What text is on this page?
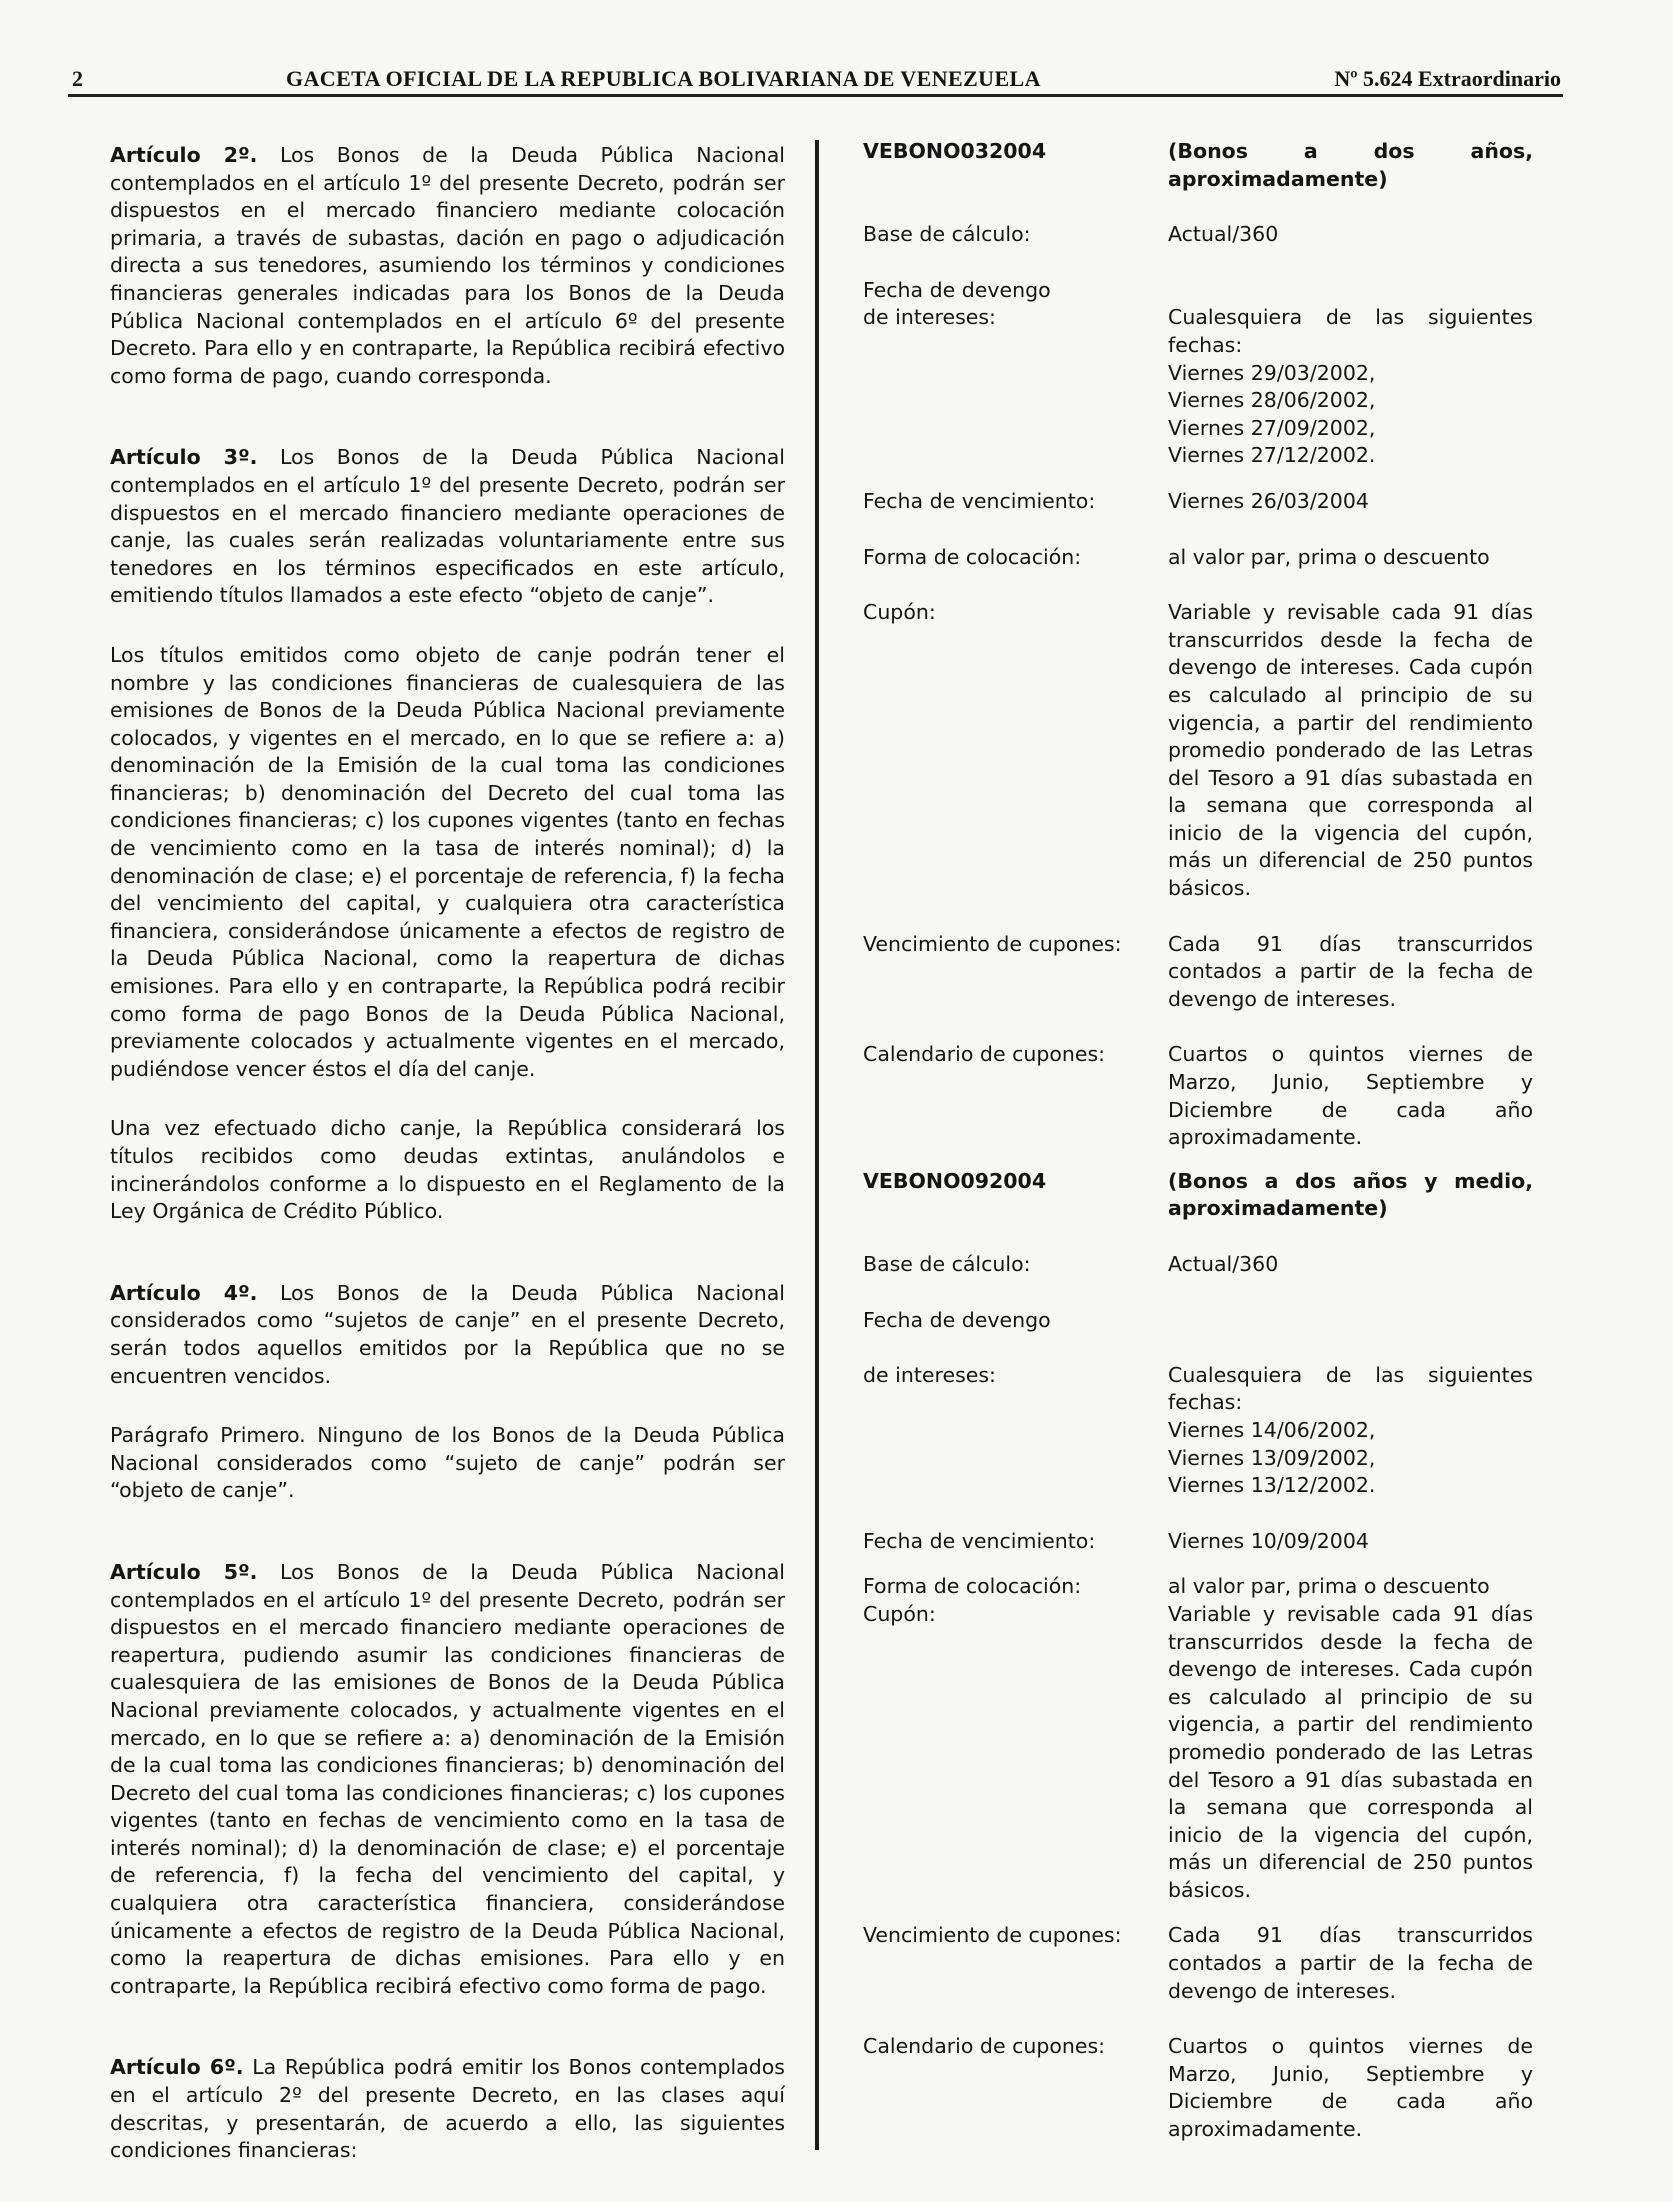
2	GACETA OFICIAL DE LA REPUBLICA BOLIVARIANA DE VENEZUELA	Nº 5.624 Extraordinario

Artículo 2º. Los Bonos de la Deuda Pública Nacional contemplados en el artículo 1º del presente Decreto, podrán ser dispuestos en el mercado financiero mediante colocación primaria, a través de subastas, dación en pago o adjudicación directa a sus tenedores, asumiendo los términos y condiciones financieras generales indicadas para los Bonos de la Deuda Pública Nacional contemplados en el artículo 6º del presente Decreto. Para ello y en contraparte, la República recibirá efectivo como forma de pago, cuando corresponda.

Artículo 3º. Los Bonos de la Deuda Pública Nacional contemplados en el artículo 1º del presente Decreto, podrán ser dispuestos en el mercado financiero mediante operaciones de canje, las cuales serán realizadas voluntariamente entre sus tenedores en los términos especificados en este artículo, emitiendo títulos llamados a este efecto “objeto de canje”.

Los títulos emitidos como objeto de canje podrán tener el nombre y las condiciones financieras de cualesquiera de las emisiones de Bonos de la Deuda Pública Nacional previamente colocados, y vigentes en el mercado, en lo que se refiere a: a) denominación de la Emisión de la cual toma las condiciones financieras; b) denominación del Decreto del cual toma las condiciones financieras; c) los cupones vigentes (tanto en fechas de vencimiento como en la tasa de interés nominal); d) la denominación de clase; e) el porcentaje de referencia, f) la fecha del vencimiento del capital, y cualquiera otra característica financiera, considerándose únicamente a efectos de registro de la Deuda Pública Nacional, como la reapertura de dichas emisiones. Para ello y en contraparte, la República podrá recibir como forma de pago Bonos de la Deuda Pública Nacional, previamente colocados y actualmente vigentes en el mercado, pudiéndose vencer éstos el día del canje.

Una vez efectuado dicho canje, la República considerará los títulos recibidos como deudas extintas, anulándolos e incinerándolos conforme a lo dispuesto en el Reglamento de la Ley Orgánica de Crédito Público.

Artículo 4º. Los Bonos de la Deuda Pública Nacional considerados como “sujetos de canje” en el presente Decreto, serán todos aquellos emitidos por la República que no se encuentren vencidos.

Parágrafo Primero. Ninguno de los Bonos de la Deuda Pública Nacional considerados como “sujeto de canje” podrán ser “objeto de canje”.

Artículo 5º. Los Bonos de la Deuda Pública Nacional contemplados en el artículo 1º del presente Decreto, podrán ser dispuestos en el mercado financiero mediante operaciones de reapertura, pudiendo asumir las condiciones financieras de cualesquiera de las emisiones de Bonos de la Deuda Pública Nacional previamente colocados, y actualmente vigentes en el mercado, en lo que se refiere a: a) denominación de la Emisión de la cual toma las condiciones financieras; b) denominación del Decreto del cual toma las condiciones financieras; c) los cupones vigentes (tanto en fechas de vencimiento como en la tasa de interés nominal); d) la denominación de clase; e) el porcentaje de referencia, f) la fecha del vencimiento del capital, y cualquiera otra característica financiera, considerándose únicamente a efectos de registro de la Deuda Pública Nacional, como la reapertura de dichas emisiones. Para ello y en contraparte, la República recibirá efectivo como forma de pago.

Artículo 6º. La República podrá emitir los Bonos contemplados en el artículo 2º del presente Decreto, en las clases aquí descritas, y presentarán, de acuerdo a ello, las siguientes condiciones financieras:

VEBONO032004	(Bonos a dos años, aproximadamente)
Base de cálculo:	Actual/360
Fecha de devengo
de intereses:	Cualesquiera de las siguientes fechas:
Viernes 29/03/2002,
Viernes 28/06/2002,
Viernes 27/09/2002,
Viernes 27/12/2002.
Fecha de vencimiento:	Viernes 26/03/2004
Forma de colocación:	al valor par, prima o descuento
Cupón:	Variable y revisable cada 91 días transcurridos desde la fecha de devengo de intereses. Cada cupón es calculado al principio de su vigencia, a partir del rendimiento promedio ponderado de las Letras del Tesoro a 91 días subastada en la semana que corresponda al inicio de la vigencia del cupón, más un diferencial de 250 puntos básicos.
Vencimiento de cupones:	Cada 91 días transcurridos contados a partir de la fecha de devengo de intereses.
Calendario de cupones:	Cuartos o quintos viernes de Marzo, Junio, Septiembre y Diciembre de cada año aproximadamente.
VEBONO092004	(Bonos a dos años y medio, aproximadamente)
Base de cálculo:	Actual/360
Fecha de devengo
de intereses:	Cualesquiera de las siguientes fechas:
Viernes 14/06/2002,
Viernes 13/09/2002,
Viernes 13/12/2002.
Fecha de vencimiento:	Viernes 10/09/2004
Forma de colocación:	al valor par, prima o descuento
Cupón:	Variable y revisable cada 91 días transcurridos desde la fecha de devengo de intereses. Cada cupón es calculado al principio de su vigencia, a partir del rendimiento promedio ponderado de las Letras del Tesoro a 91 días subastada en la semana que corresponda al inicio de la vigencia del cupón, más un diferencial de 250 puntos básicos.
Vencimiento de cupones:	Cada 91 días transcurridos contados a partir de la fecha de devengo de intereses.
Calendario de cupones:	Cuartos o quintos viernes de Marzo, Junio, Septiembre y Diciembre de cada año aproximadamente.
